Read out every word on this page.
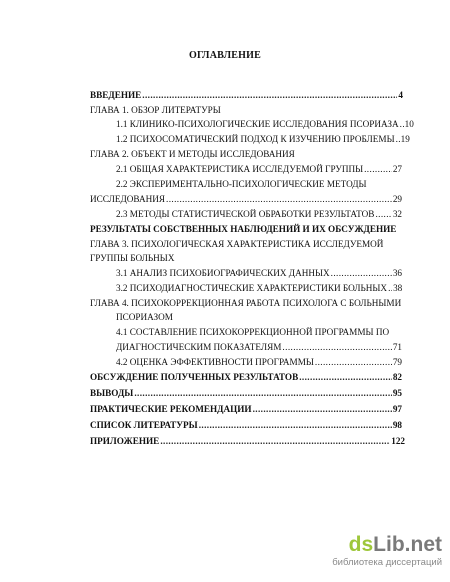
ОГЛАВЛЕНИЕ
ВВЕДЕНИЕ .....	4
ГЛАВА 1. ОБЗОР ЛИТЕРАТУРЫ
1.1 КЛИНИКО-ПСИХОЛОГИЧЕСКИЕ ИССЛЕДОВАНИЯ ПСОРИАЗА ..... 10
1.2 ПСИХОСОМАТИЧЕСКИЙ ПОДХОД К ИЗУЧЕНИЮ ПРОБЛЕМЫ ..... 19
ГЛАВА 2. ОБЪЕКТ И МЕТОДЫ ИССЛЕДОВАНИЯ
2.1 ОБЩАЯ ХАРАКТЕРИСТИКА ИССЛЕДУЕМОЙ ГРУППЫ .....	27
2.2 ЭКСПЕРИМЕНТАЛЬНО-ПСИХОЛОГИЧЕСКИЕ МЕТОДЫ
ИССЛЕДОВАНИЯ .....	29
2.3 МЕТОДЫ СТАТИСТИЧЕСКОЙ ОБРАБОТКИ РЕЗУЛЬТАТОВ ..... 32
РЕЗУЛЬТАТЫ СОБСТВЕННЫХ НАБЛЮДЕНИЙ И ИХ ОБСУЖДЕНИЕ
ГЛАВА 3. ПСИХОЛОГИЧЕСКАЯ ХАРАКТЕРИСТИКА ИССЛЕДУЕМОЙ
ГРУППЫ БОЛЬНЫХ
3.1 АНАЛИЗ ПСИХОБИОГРАФИЧЕСКИХ ДАННЫХ .....	36
3.2 ПСИХОДИАГНОСТИЧЕСКИЕ ХАРАКТЕРИСТИКИ БОЛЬНЫХ ..... 38
ГЛАВА 4. ПСИХОКОРРЕКЦИОННАЯ РАБОТА ПСИХОЛОГА С БОЛЬНЫМИ
ПСОРИАЗОМ
4.1 СОСТАВЛЕНИЕ ПСИХОКОРРЕКЦИОННОЙ ПРОГРАММЫ ПО
ДИАГНОСТИЧЕСКИМ ПОКАЗАТЕЛЯМ .....	71
4.2 ОЦЕНКА ЭФФЕКТИВНОСТИ ПРОГРАММЫ .....	79
ОБСУЖДЕНИЕ ПОЛУЧЕННЫХ РЕЗУЛЬТАТОВ .....	82
ВЫВОДЫ .....	95
ПРАКТИЧЕСКИЕ РЕКОМЕНДАЦИИ .....	97
СПИСОК ЛИТЕРАТУРЫ .....	98
ПРИЛОЖЕНИЕ .....	122
dsLib.net
библиотека диссертаций
